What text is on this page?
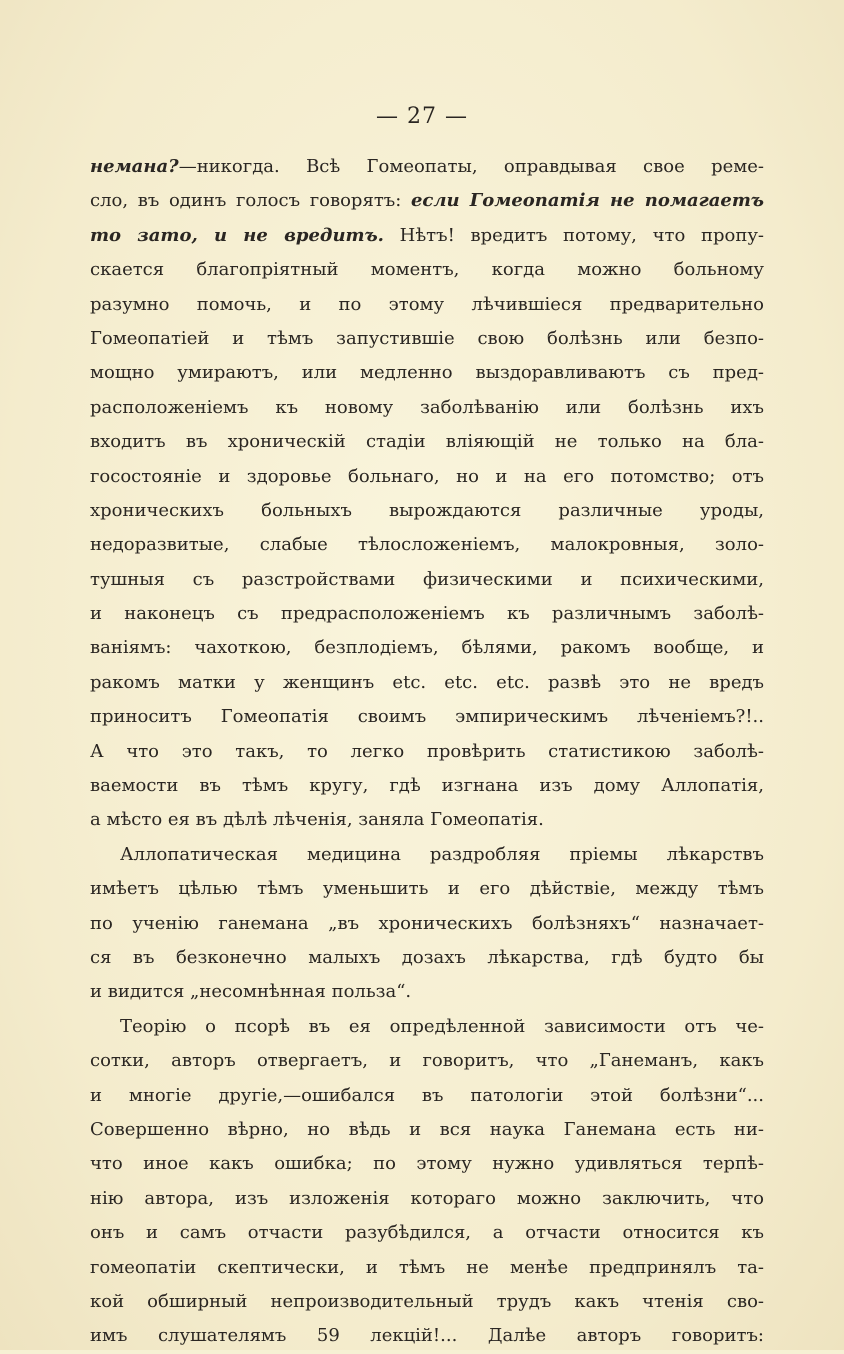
— 27 —
немана?—никогда. Всѣ Гомеопаты, оправдывая свое реме-
сло, въ одинъ голосъ говорятъ: если Гомеопатія не помагаетъ
то зато, и не вредитъ. Нѣтъ! вредитъ потому, что пропу-
скается благопріятный моментъ, когда можно больному
разумно помочь, и по этому лѣчившіеся предварительно
Гомеопатіей и тѣмъ запустившіе свою болѣзнь или безпо-
мощно умираютъ, или медленно выздоравливаютъ съ пред-
расположеніемъ къ новому заболѣванію или болѣзнь ихъ
входитъ въ хроническій стадіи вліяющій не только на бла-
госостояніе и здоровье больнаго, но и на его потомство; отъ
хроническихъ больныхъ вырождаются различные уроды,
недоразвитые, слабые тѣлосложеніемъ, малокровныя, золо-
тушныя съ разстройствами физическими и психическими,
и наконецъ съ предрасположеніемъ къ различнымъ заболѣ-
ваніямъ: чахоткою, безплодіемъ, бѣлями, ракомъ вообще, и
ракомъ матки у женщинъ etc. etc. etc. развѣ это не вредъ
приноситъ Гомеопатія своимъ эмпирическимъ лѣченіемъ?!..
А что это такъ, то легко провѣрить статистикою заболѣ-
ваемости въ тѣмъ кругу, гдѣ изгнана изъ дому Аллопатія,
а мѣсто ея въ дѣлѣ лѣченія, заняла Гомеопатія.
Аллопатическая медицина раздробляя пріемы лѣкарствъ
имѣетъ цѣлью тѣмъ уменьшить и его дѣйствіе, между тѣмъ
по ученію ганемана „въ хроническихъ болѣзняхъ“ назначает-
ся въ безконечно малыхъ дозахъ лѣкарства, гдѣ будто бы
и видится „несомнѣнная польза“.
Теорію о псорѣ въ ея опредѣленной зависимости отъ че-
сотки, авторъ отвергаетъ, и говоритъ, что „Ганеманъ, какъ
и многіе другіе,—ошибался въ патологіи этой болѣзни“...
Совершенно вѣрно, но вѣдь и вся наука Ганемана есть ни-
что иное какъ ошибка; по этому нужно удивляться терпѣ-
нію автора, изъ изложенія котораго можно заключить, что
онъ и самъ отчасти разубѣдился, а отчасти относится къ
гомеопатіи скептически, и тѣмъ не менѣе предпринялъ та-
кой обширный непроизводительный трудъ какъ чтенія сво-
имъ слушателямъ 59 лекцій!... Далѣе авторъ говоритъ:
